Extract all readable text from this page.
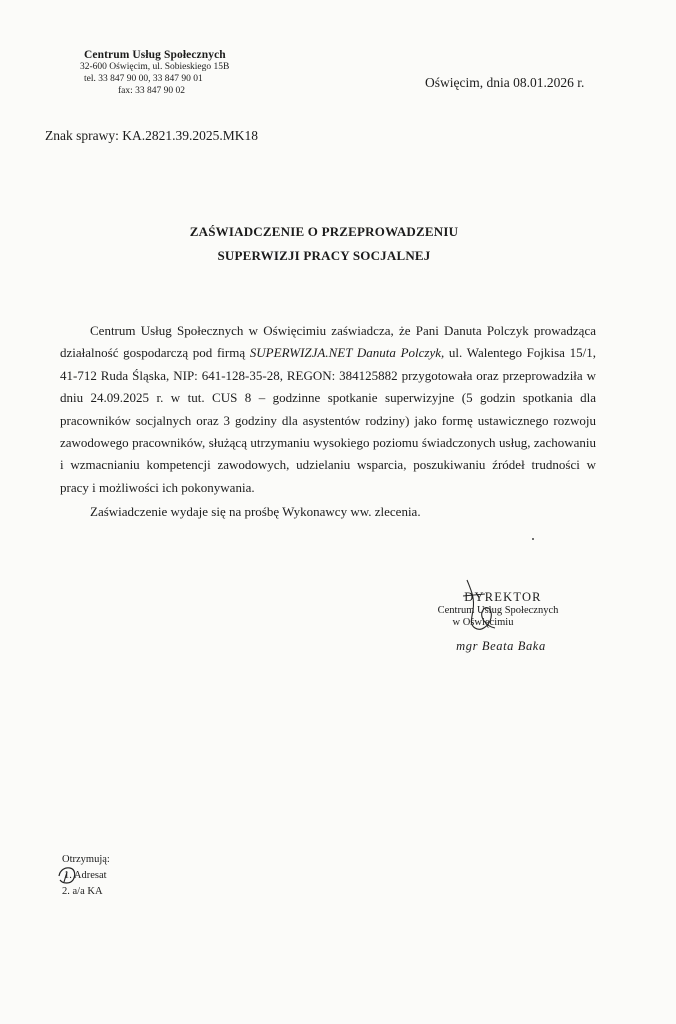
Centrum Usług Społecznych
32-600 Oświęcim, ul. Sobieskiego 15B
tel. 33 847 90 00, 33 847 90 01
fax: 33 847 90 02
Oświęcim, dnia 08.01.2026 r.
Znak sprawy: KA.2821.39.2025.MK18
ZAŚWIADCZENIE O PRZEPROWADZENIU
SUPERWIZJI PRACY SOCJALNEJ

Centrum Usług Społecznych w Oświęcimiu zaświadcza, że Pani Danuta Polczyk prowadząca działalność gospodarczą pod firmą SUPERWIZJA.NET Danuta Polczyk, ul. Walentego Fojkisa 15/1, 41-712 Ruda Śląska, NIP: 641-128-35-28, REGON: 384125882 przygotowała oraz przeprowadziła w dniu 24.09.2025 r. w tut. CUS 8 – godzinne spotkanie superwizyjne (5 godzin spotkania dla pracowników socjalnych oraz 3 godziny dla asystentów rodziny) jako formę ustawicznego rozwoju zawodowego pracowników, służącą utrzymaniu wysokiego poziomu świadczonych usług, zachowaniu i wzmacnianiu kompetencji zawodowych, udzielaniu wsparcia, poszukiwaniu źródeł trudności w pracy i możliwości ich pokonywania.

Zaświadczenie wydaje się na prośbę Wykonawcy ww. zlecenia.

DYREKTOR
Centrum Usług Społecznych
w Oświęcimiu
mgr Beata Baka
Otrzymują:
1. Adresat
2. a/a KA
